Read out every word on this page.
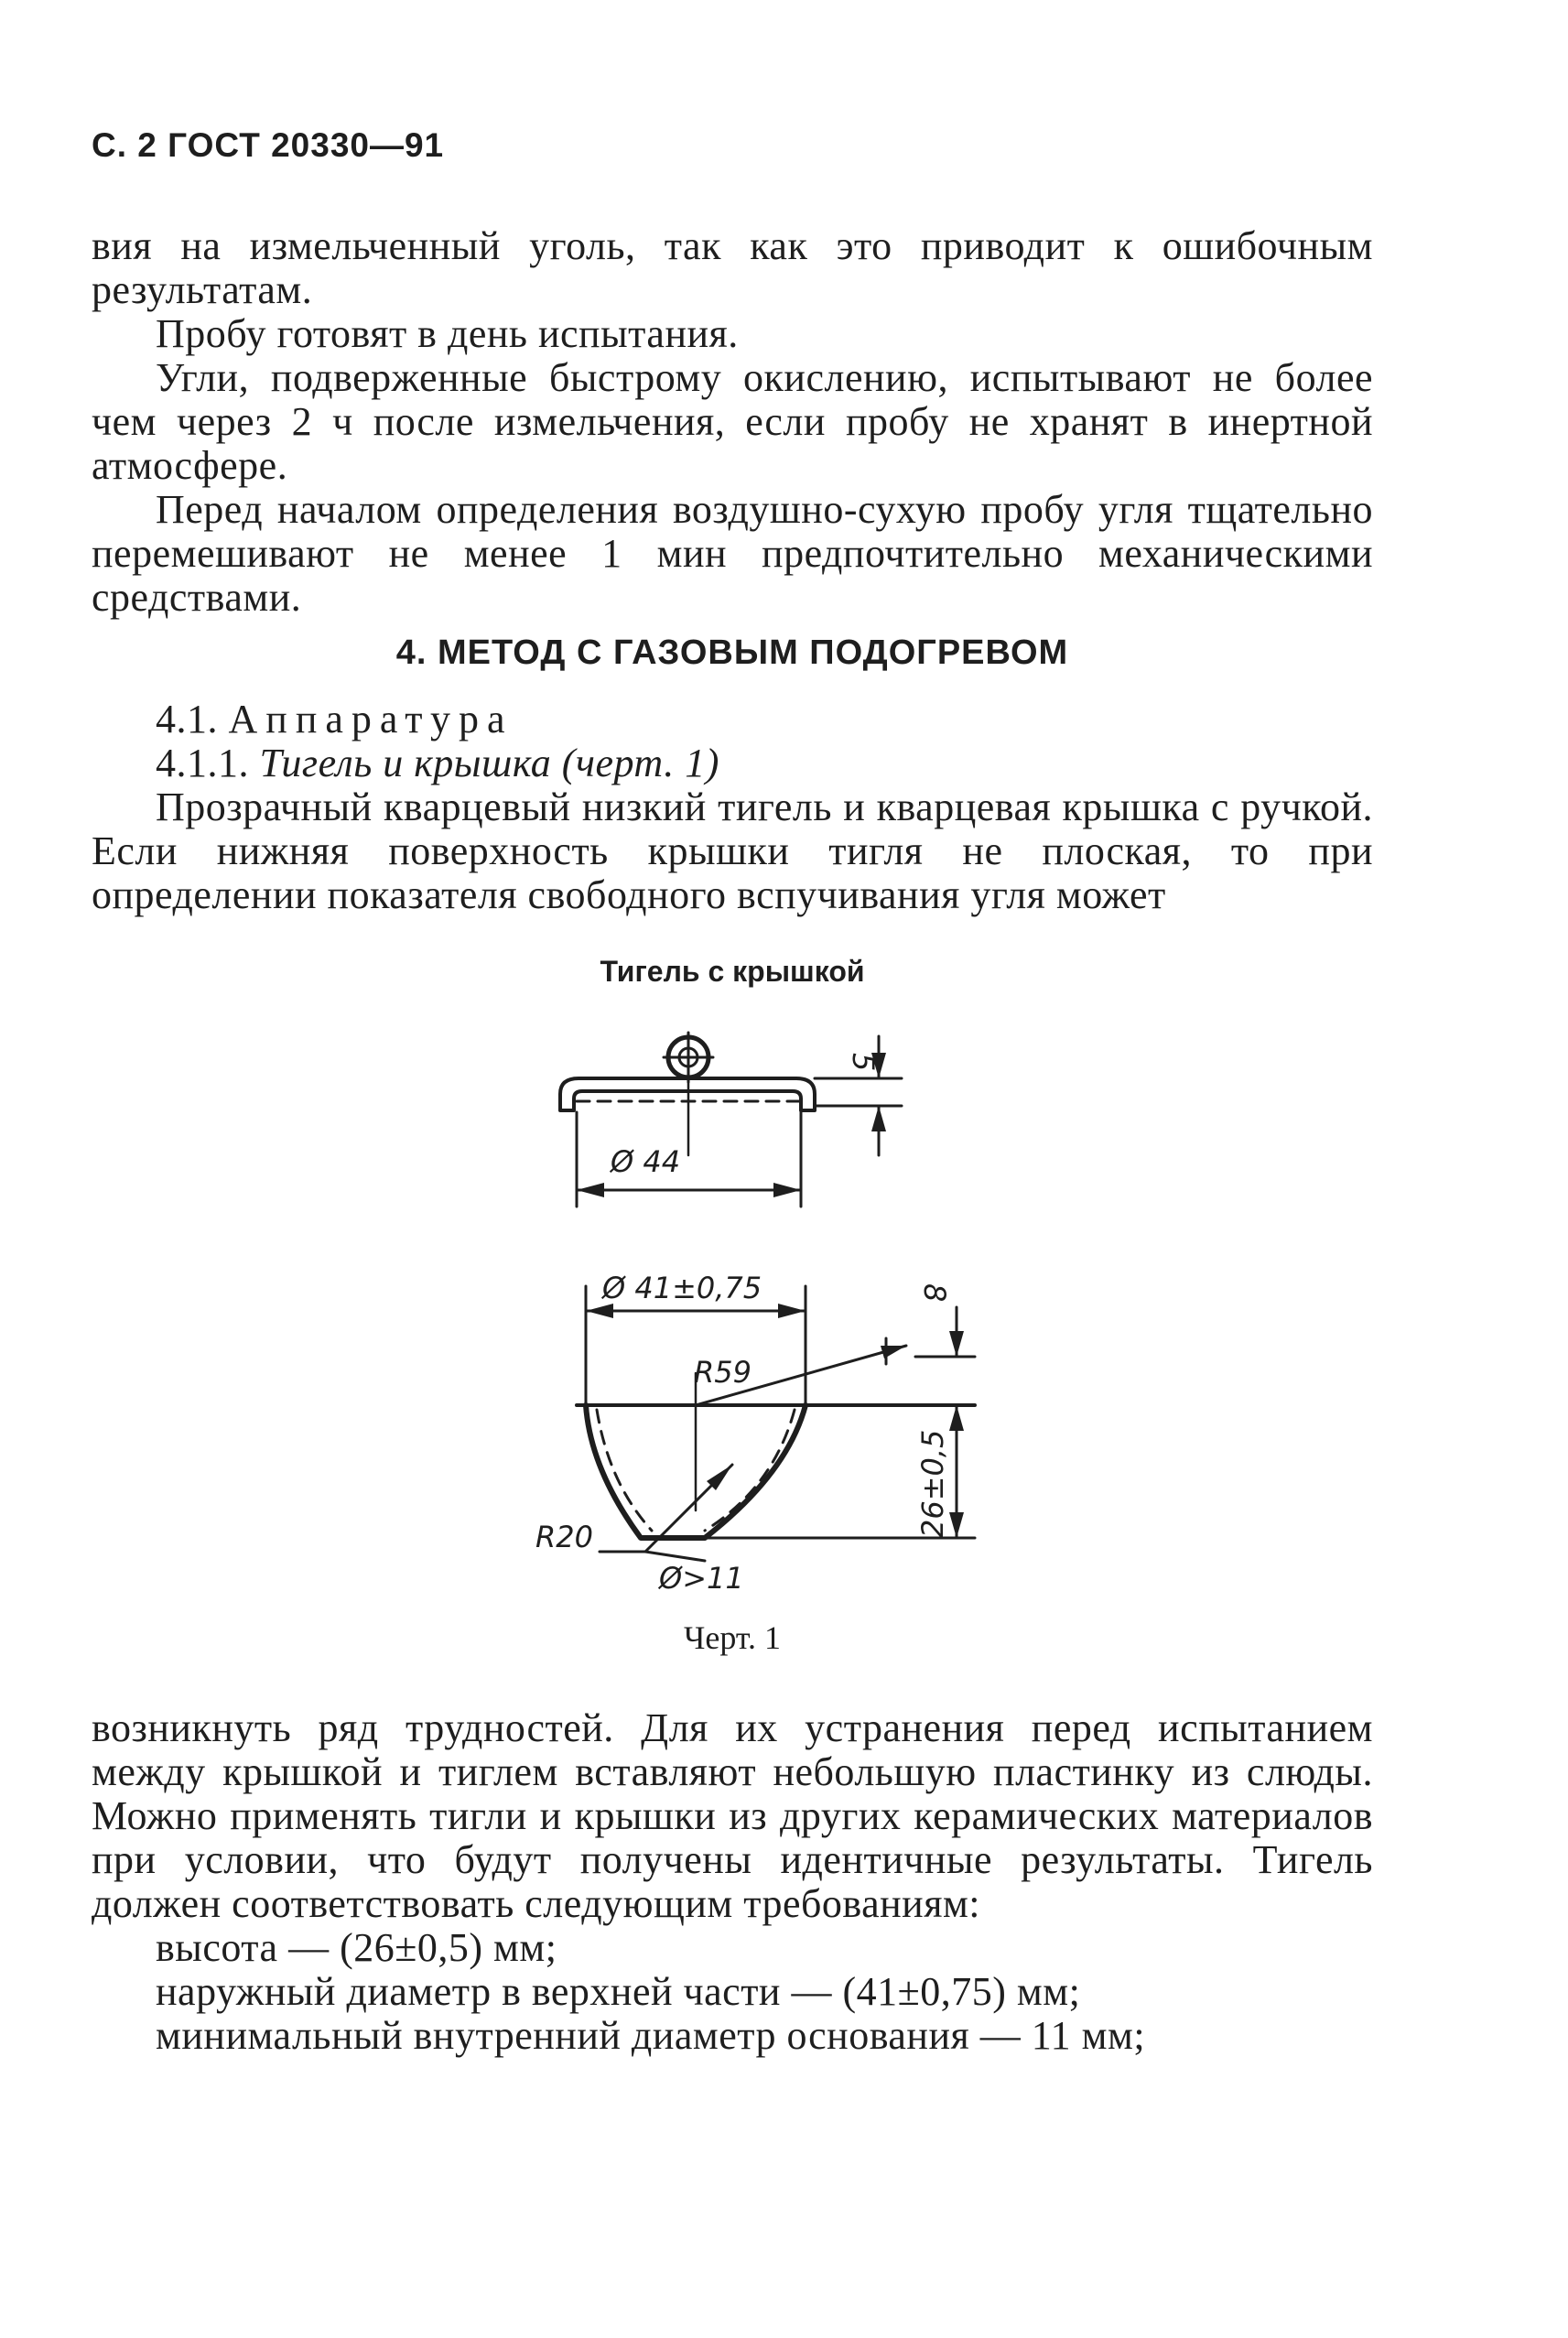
С. 2 ГОСТ 20330—91

вия на измельченный уголь, так как это приводит к ошибочным результатам.

Пробу готовят в день испытания.

Угли, подверженные быстрому окислению, испытывают не более чем через 2 ч после измельчения, если пробу не хранят в инертной атмосфере.

Перед началом определения воздушно-сухую пробу угля тщательно перемешивают не менее 1 мин предпочтительно механическими средствами.

4. МЕТОД С ГАЗОВЫМ ПОДОГРЕВОМ

4.1. Аппаратура

4.1.1. Тигель и крышка (черт. 1)

Прозрачный кварцевый низкий тигель и кварцевая крышка с ручкой. Если нижняя поверхность крышки тигля не плоская, то при определении показателя свободного вспучивания угля может

Тигель с крышкой
Ø 44
5
Ø 41±0,75	8
R59
26±0,5
R20
Ø>11
Черт. 1

возникнуть ряд трудностей. Для их устранения перед испытанием между крышкой и тиглем вставляют небольшую пластинку из слюды. Можно применять тигли и крышки из других керамических материалов при условии, что будут получены идентичные результаты. Тигель должен соответствовать следующим требованиям:

высота — (26±0,5) мм;

наружный диаметр в верхней части — (41±0,75) мм;

минимальный внутренний диаметр основания — 11 мм;
